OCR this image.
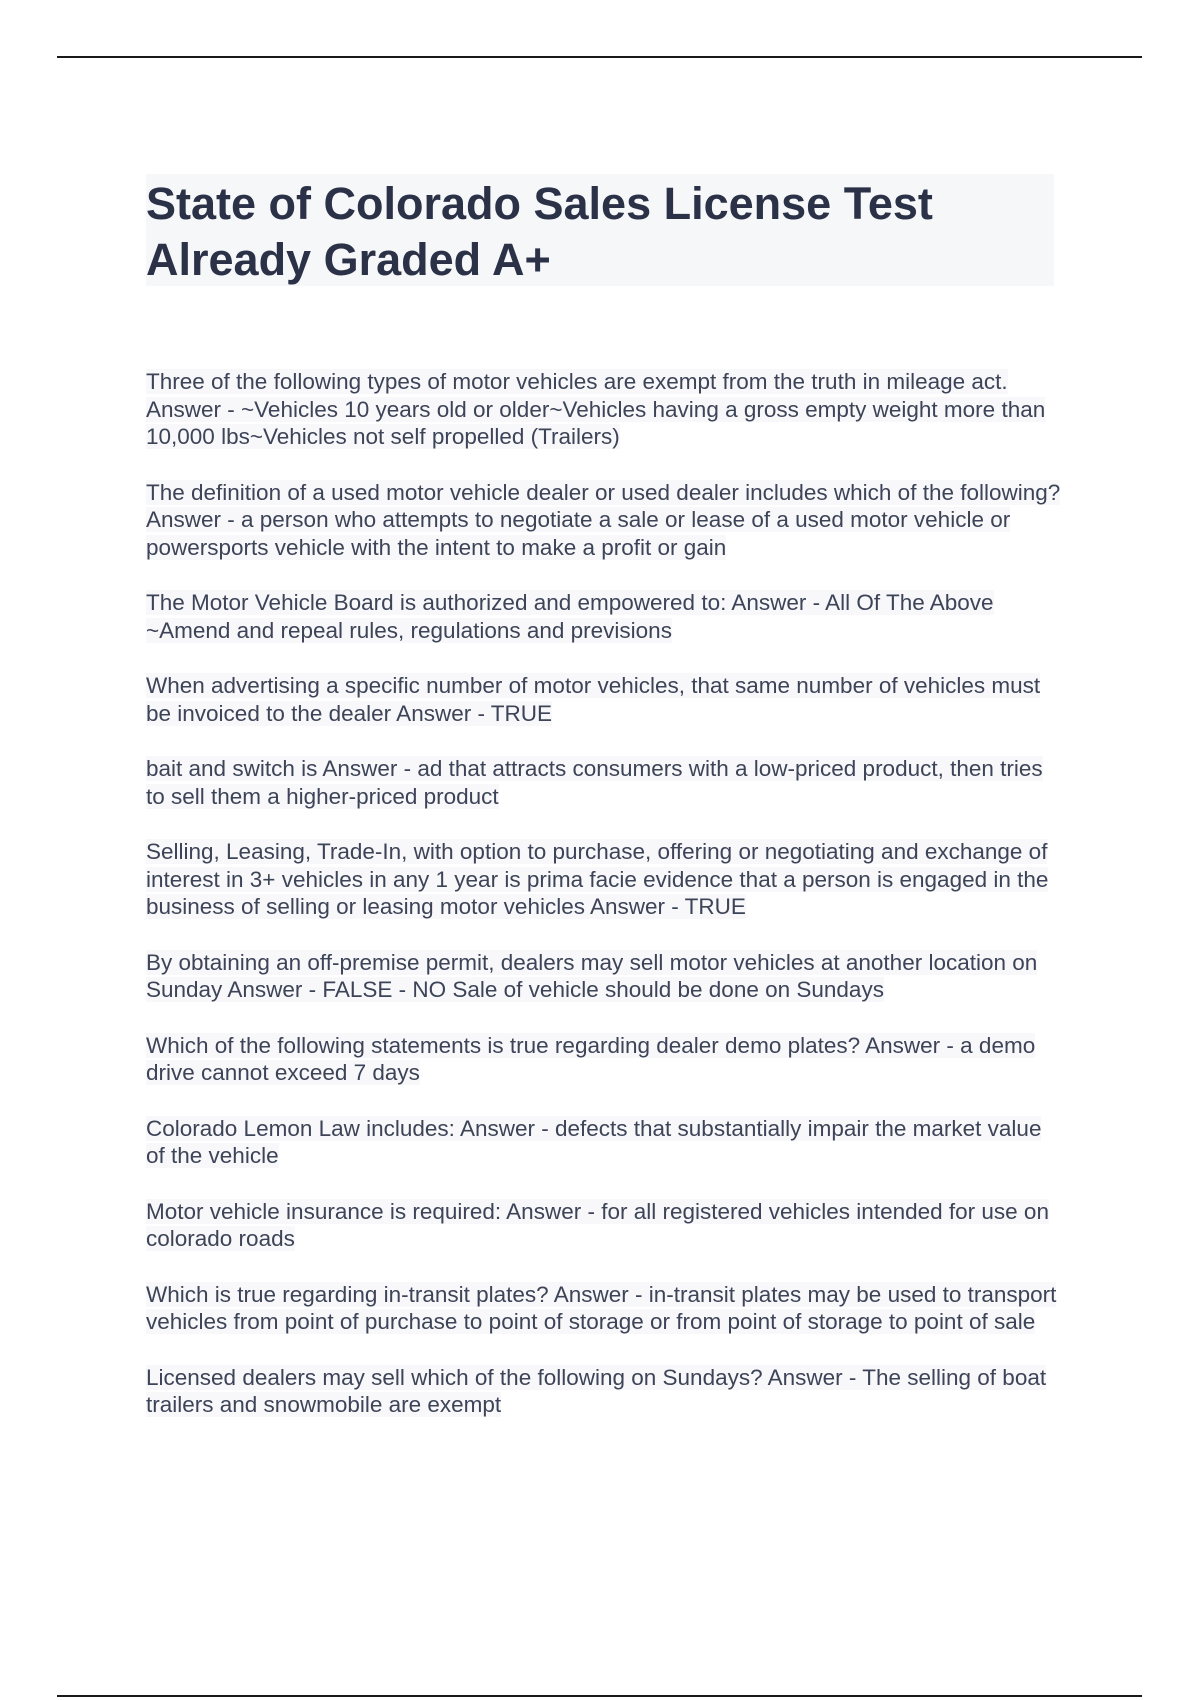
State of Colorado Sales License Test Already Graded A+
Three of the following types of motor vehicles are exempt from the truth in mileage act. Answer - ~Vehicles 10 years old or older~Vehicles having a gross empty weight more than 10,000 lbs~Vehicles not self propelled (Trailers)
The definition of a used motor vehicle dealer or used dealer includes which of the following? Answer - a person who attempts to negotiate a sale or lease of a used motor vehicle or powersports vehicle with the intent to make a profit or gain
The Motor Vehicle Board is authorized and empowered to: Answer - All Of The Above
~Amend and repeal rules, regulations and previsions
When advertising a specific number of motor vehicles, that same number of vehicles must be invoiced to the dealer Answer - TRUE
bait and switch is Answer - ad that attracts consumers with a low-priced product, then tries to sell them a higher-priced product
Selling, Leasing, Trade-In, with option to purchase, offering or negotiating and exchange of interest in 3+ vehicles in any 1 year is prima facie evidence that a person is engaged in the business of selling or leasing motor vehicles Answer - TRUE
By obtaining an off-premise permit, dealers may sell motor vehicles at another location on Sunday Answer - FALSE - NO Sale of vehicle should be done on Sundays
Which of the following statements is true regarding dealer demo plates? Answer - a demo drive cannot exceed 7 days
Colorado Lemon Law includes: Answer - defects that substantially impair the market value of the vehicle
Motor vehicle insurance is required: Answer - for all registered vehicles intended for use on colorado roads
Which is true regarding in-transit plates? Answer - in-transit plates may be used to transport vehicles from point of purchase to point of storage or from point of storage to point of sale
Licensed dealers may sell which of the following on Sundays? Answer - The selling of boat trailers and snowmobile are exempt
